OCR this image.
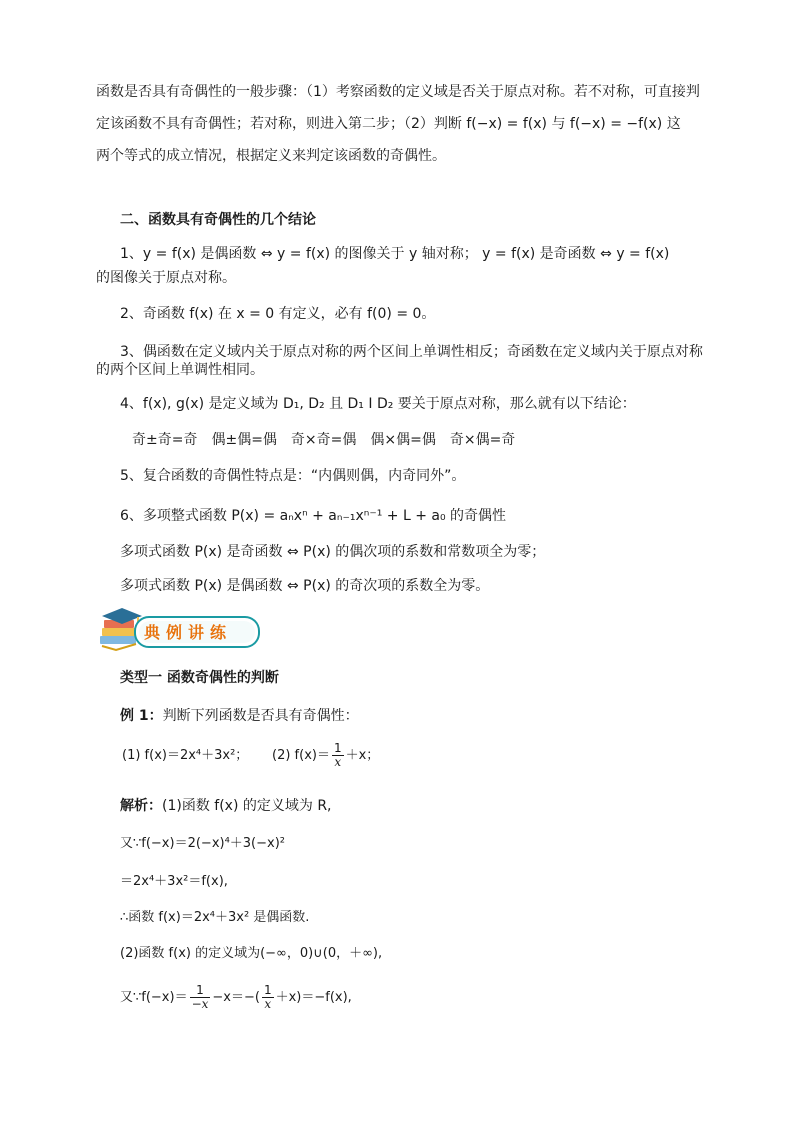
函数是否具有奇偶性的一般步骤：（1）考察函数的定义域是否关于原点对称。若不对称，可直接判
定该函数不具有奇偶性；若对称，则进入第二步；（2）判断 f(−x) = f(x) 与 f(−x) = −f(x) 这
两个等式的成立情况，根据定义来判定该函数的奇偶性。
二、函数具有奇偶性的几个结论
1、y = f(x) 是偶函数 ⇔ y = f(x) 的图像关于 y 轴对称； y = f(x) 是奇函数 ⇔ y = f(x)
的图像关于原点对称。
2、奇函数 f(x) 在 x = 0 有定义，必有 f(0) = 0。
3、偶函数在定义域内关于原点对称的两个区间上单调性相反；奇函数在定义域内关于原点对称
的两个区间上单调性相同。
4、f(x), g(x) 是定义域为 D₁, D₂ 且 D₁ I D₂ 要关于原点对称，那么就有以下结论：
奇±奇=奇　偶±偶=偶　奇×奇=偶　偶×偶=偶　奇×偶=奇
5、复合函数的奇偶性特点是：“内偶则偶，内奇同外”。
6、多项整式函数 P(x) = aₙxⁿ + aₙ₋₁xⁿ⁻¹ + L + a₀ 的奇偶性
多项式函数 P(x) 是奇函数 ⇔ P(x) 的偶次项的系数和常数项全为零；
多项式函数 P(x) 是偶函数 ⇔ P(x) 的奇次项的系数全为零。
典例讲练
类型一 函数奇偶性的判断
例 1：判断下列函数是否具有奇偶性：
(1) f(x)＝2x⁴＋3x²； (2) $f(x)= \frac{1}{x} +x$；
解析：(1)函数 f(x) 的定义域为 R,
又∵f(−x)＝2(−x)⁴＋3(−x)²
＝2x⁴＋3x²＝f(x),
∴函数 f(x)＝2x⁴＋3x² 是偶函数.
(2)函数 f(x) 的定义域为(−∞，0)∪(0，＋∞),
又∵f(−x)＝ $\frac{1}{-x} -x=-( \frac{1}{x} +x)=-f(x)$,
